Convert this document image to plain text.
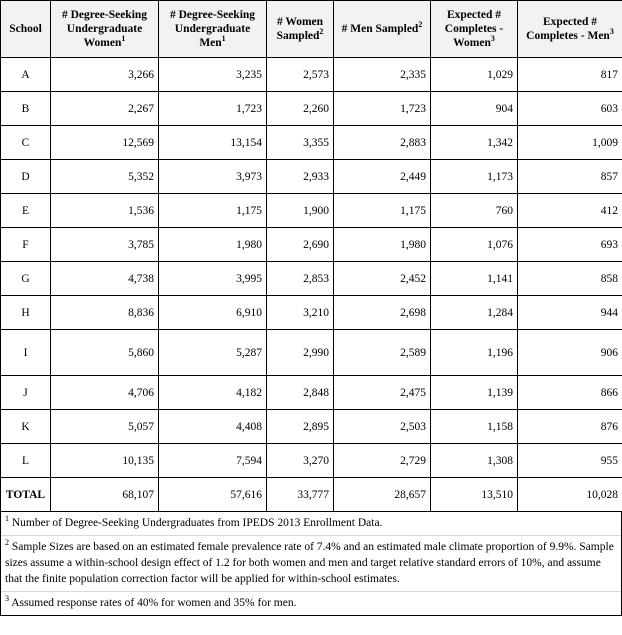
School	# Degree-Seeking Undergraduate Women$^1$	# Degree-Seeking Undergraduate Men$^1$	# Women Sampled$^2$	# Men Sampled$^2$	Expected # Completes - Women$^3$	Expected # Completes - Men$^3$
A	3,266	3,235	2,573	2,335	1,029	817
B	2,267	1,723	2,260	1,723	904	603
C	12,569	13,154	3,355	2,883	1,342	1,009
D	5,352	3,973	2,933	2,449	1,173	857
E	1,536	1,175	1,900	1,175	760	412
F	3,785	1,980	2,690	1,980	1,076	693
G	4,738	3,995	2,853	2,452	1,141	858
H	8,836	6,910	3,210	2,698	1,284	944
I	5,860	5,287	2,990	2,589	1,196	906
J	4,706	4,182	2,848	2,475	1,139	866
K	5,057	4,408	2,895	2,503	1,158	876
L	10,135	7,594	3,270	2,729	1,308	955
TOTAL	68,107	57,616	33,777	28,657	13,510	10,028
$^1$ Number of Degree-Seeking Undergraduates from IPEDS 2013 Enrollment Data.
$^2$ Sample Sizes are based on an estimated female prevalence rate of 7.4% and an estimated male climate proportion of 9.9%. Sample sizes assume a within-school design effect of 1.2 for both women and men and target relative standard errors of 10%, and assume that the finite population correction factor will be applied for within-school estimates.
$^3$ Assumed response rates of 40% for women and 35% for men.
